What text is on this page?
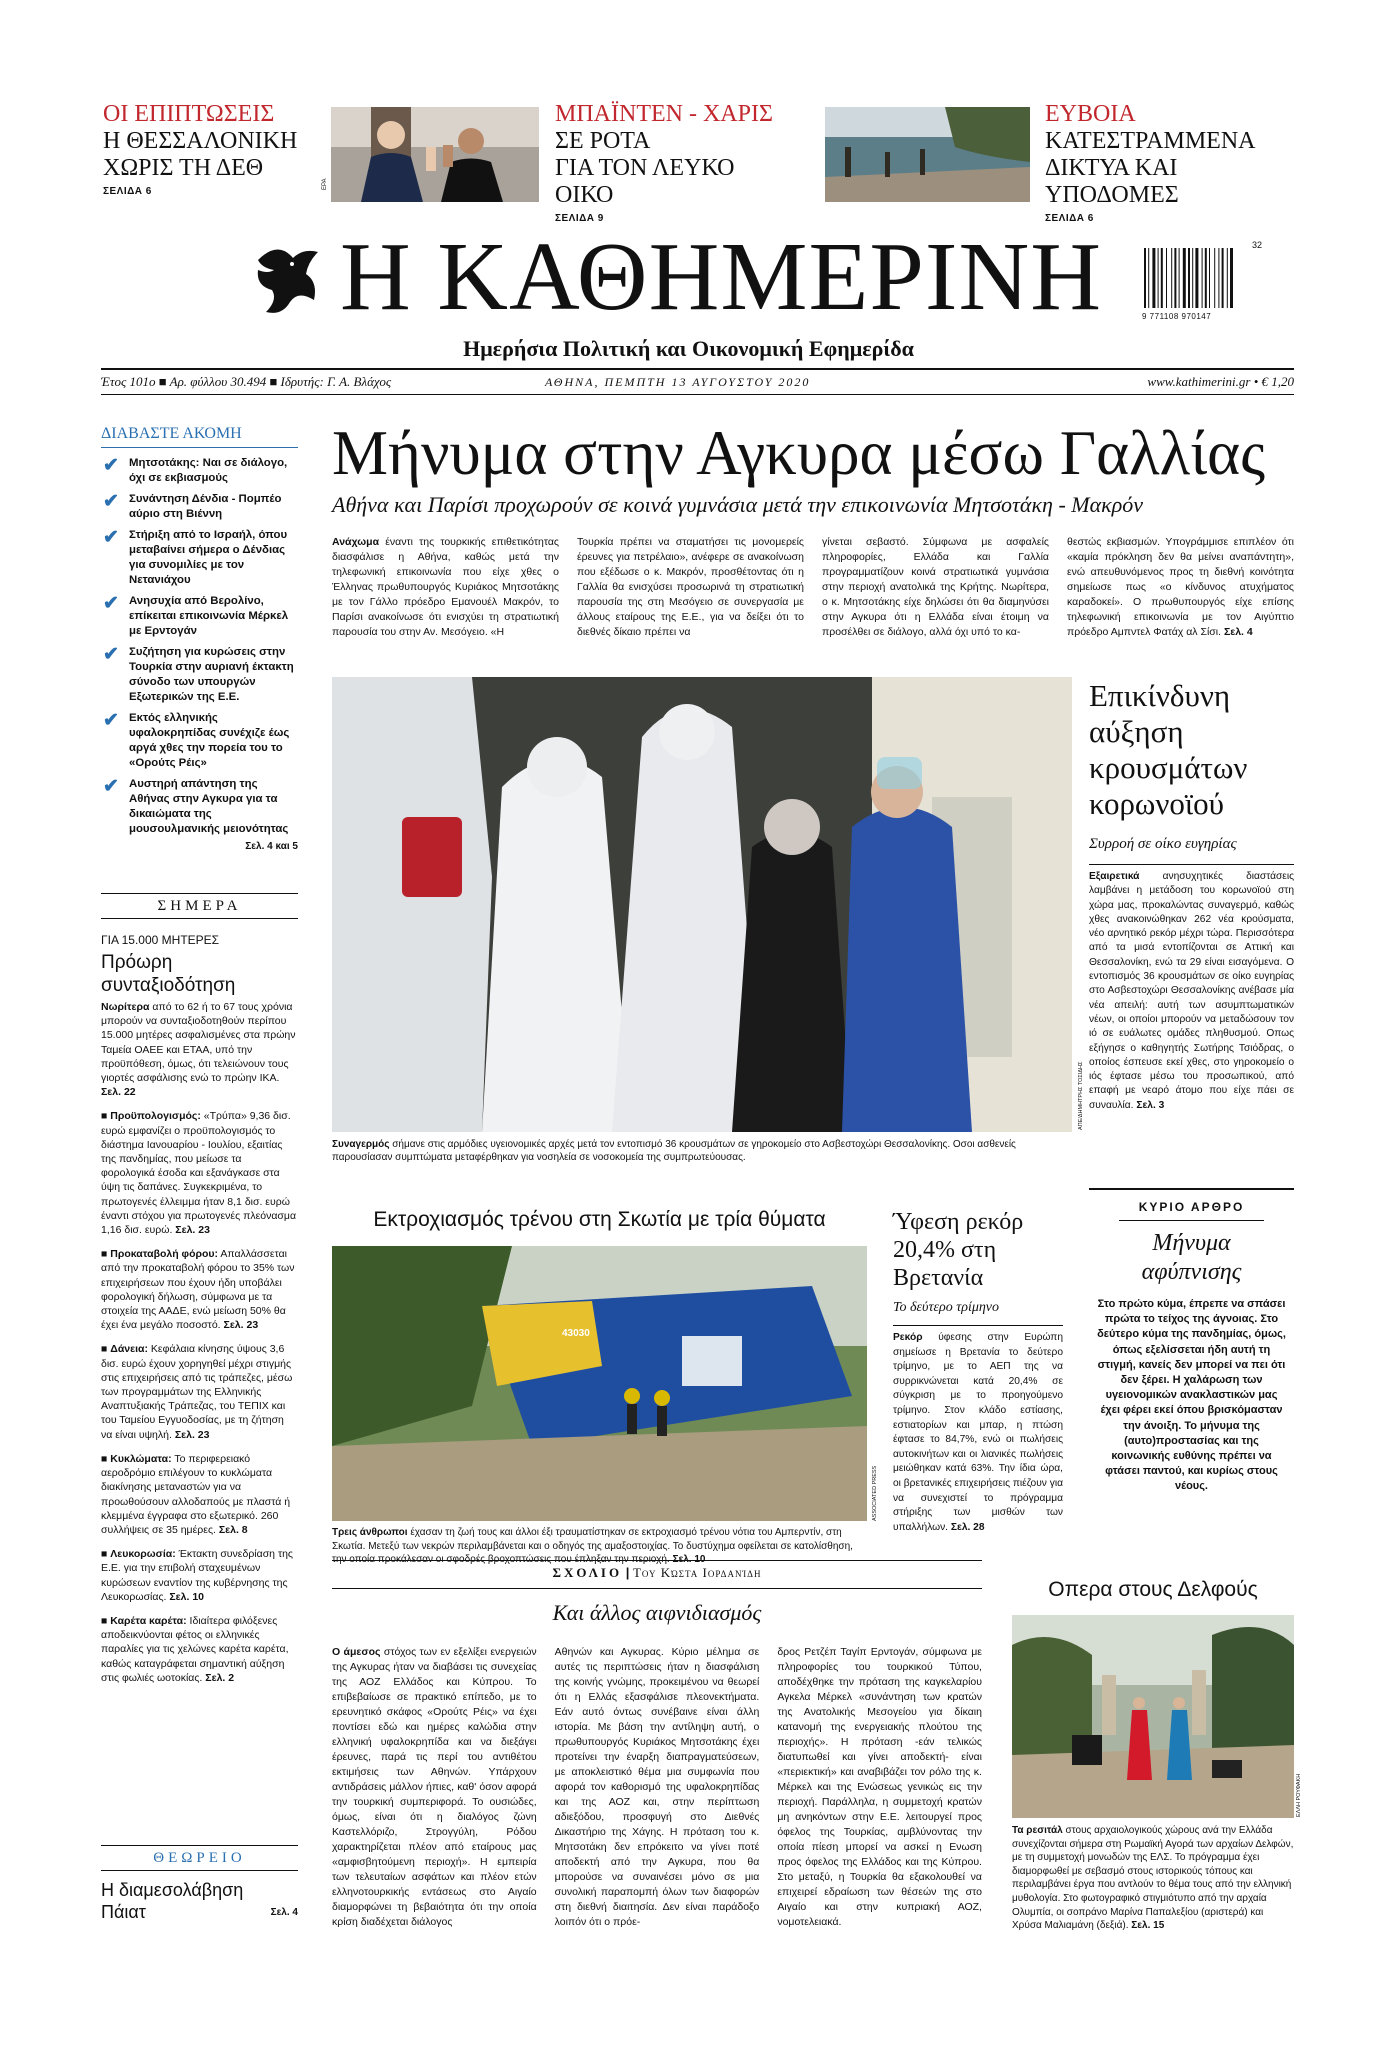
ΟΙ ΕΠΙΠΤΩΣΕΙΣ
Η ΘΕΣΣΑΛΟΝΙΚΗ
ΧΩΡΙΣ ΤΗ ΔΕΘ
ΣΕΛΙΔΑ 6
EPA
ΜΠΑΪΝΤΕΝ - ΧΑΡΙΣ
ΣΕ ΡΟΤΑ
ΓΙΑ ΤΟΝ ΛΕΥΚΟ ΟΙΚΟ
ΣΕΛΙΔΑ 9
ΕΥΒΟΙΑ
ΚΑΤΕΣΤΡΑΜΜΕΝΑ
ΔΙΚΤΥΑ ΚΑΙ ΥΠΟΔΟΜΕΣ
ΣΕΛΙΔΑ 6
Η ΚΑΘΗΜΕΡΙΝΗ
Ημερήσια Πολιτική και Οικονομική Εφημερίδα
32
9 771108 970147
Έτος 101ο ■ Αρ. φύλλου 30.494 ■ Ιδρυτής: Γ. Α. Βλάχος	ΑΘΗΝΑ, ΠΕΜΠΤΗ 13 ΑΥΓΟΥΣΤΟΥ 2020	www.kathimerini.gr • € 1,20
ΔΙΑΒΑΣΤΕ ΑΚΟΜΗ
✔ Μητσοτάκης: Ναι σε διάλογο, όχι σε εκβιασμούς
✔ Συνάντηση Δένδια - Πομπέο αύριο στη Βιέννη
✔ Στήριξη από το Ισραήλ, όπου μεταβαίνει σήμερα ο Δένδιας για συνομιλίες με τον Νετανιάχου
✔ Ανησυχία από Βερολίνο, επίκειται επικοινωνία Μέρκελ με Ερντογάν
✔ Συζήτηση για κυρώσεις στην Τουρκία στην αυριανή έκτακτη σύνοδο των υπουργών Εξωτερικών της Ε.Ε.
✔ Εκτός ελληνικής υφαλοκρηπίδας συνέχιζε έως αργά χθες την πορεία του το «Ορούτς Ρέις»
✔ Αυστηρή απάντηση της Αθήνας στην Αγκυρα για τα δικαιώματα της μουσουλμανικής μειονότητας
Σελ. 4 και 5
ΣΗΜΕΡΑ
ΓΙΑ 15.000 ΜΗΤΕΡΕΣ
Πρόωρη συνταξιοδότηση
Νωρίτερα από το 62 ή το 67 τους χρόνια μπορούν να συνταξιοδοτηθούν περίπου 15.000 μητέρες ασφαλισμένες στα πρώην Ταμεία ΟΑΕΕ και ΕΤΑΑ, υπό την προϋπόθεση, όμως, ότι τελειώνουν τους γιορτές ασφάλισης ενώ το πρώην ΙΚΑ. Σελ. 22
■ Προϋπολογισμός: «Τρύπα» 9,36 δισ. ευρώ εμφανίζει ο προϋπολογισμός το διάστημα Ιανουαρίου - Ιουλίου, εξαιτίας της πανδημίας, που μείωσε τα φορολογικά έσοδα και εξανάγκασε στα ύψη τις δαπάνες. Συγκεκριμένα, το πρωτογενές έλλειμμα ήταν 8,1 δισ. ευρώ έναντι στόχου για πρωτογενές πλεόνασμα 1,16 δισ. ευρώ. Σελ. 23
■ Προκαταβολή φόρου: Απαλλάσσεται από την προκαταβολή φόρου το 35% των επιχειρήσεων που έχουν ήδη υποβάλει φορολογική δήλωση, σύμφωνα με τα στοιχεία της ΑΑΔΕ, ενώ μείωση 50% θα έχει ένα μεγάλο ποσοστό. Σελ. 23
■ Δάνεια: Κεφάλαια κίνησης ύψους 3,6 δισ. ευρώ έχουν χορηγηθεί μέχρι στιγμής στις επιχειρήσεις από τις τράπεζες, μέσω των προγραμμάτων της Ελληνικής Αναπτυξιακής Τράπεζας, του ΤΕΠΙΧ και του Ταμείου Εγγυοδοσίας, με τη ζήτηση να είναι υψηλή. Σελ. 23
■ Κυκλώματα: Το περιφερειακό αεροδρόμιο επιλέγουν το κυκλώματα διακίνησης μεταναστών για να προωθούσουν αλλοδαπούς με πλαστά ή κλεμμένα έγγραφα στο εξωτερικό. 260 συλλήψεις σε 35 ημέρες. Σελ. 8
■ Λευκορωσία: Έκτακτη συνεδρίαση της Ε.Ε. για την επιβολή σταχευμένων κυρώσεων εναντίον της κυβέρνησης της Λευκορωσίας. Σελ. 10
■ Καρέτα καρέτα: Ιδιαίτερα φιλόξενες αποδεικνύονται φέτος οι ελληνικές παραλίες για τις χελώνες καρέτα καρέτα, καθώς καταγράφεται σημαντική αύξηση στις φωλιές ωοτοκίας. Σελ. 2
ΘΕΩΡΕΙΟ
Η διαμεσολάβηση Πάιατ	Σελ. 4
Μήνυμα στην Αγκυρα μέσω Γαλλίας
Αθήνα και Παρίσι προχωρούν σε κοινά γυμνάσια μετά την επικοινωνία Μητσοτάκη - Μακρόν
Ανάχωμα έναντι της τουρκικής επιθετικότητας διασφάλισε η Αθήνα, καθώς μετά την τηλεφωνική επικοινωνία που είχε χθες ο Έλληνας πρωθυπουργός Κυριάκος Μητσοτάκης με τον Γάλλο πρόεδρο Εμανουέλ Μακρόν, το Παρίσι ανακοίνωσε ότι ενισχύει τη στρατιωτική παρουσία του στην Αν. Μεσόγειο. «Η
Τουρκία πρέπει να σταματήσει τις μονομερείς έρευνες για πετρέλαιο», ανέφερε σε ανακοίνωση που εξέδωσε ο κ. Μακρόν, προσθέτοντας ότι η Γαλλία θα ενισχύσει προσωρινά τη στρατιωτική παρουσία της στη Μεσόγειο σε συνεργασία με άλλους εταίρους της Ε.Ε., για να δείξει ότι το διεθνές δίκαιο πρέπει να
γίνεται σεβαστό. Σύμφωνα με ασφαλείς πληροφορίες, Ελλάδα και Γαλλία προγραμματίζουν κοινά στρατιωτικά γυμνάσια στην περιοχή ανατολικά της Κρήτης. Νωρίτερα, ο κ. Μητσοτάκης είχε δηλώσει ότι θα διαμηνύσει στην Αγκυρα ότι η Ελλάδα είναι έτοιμη να προσέλθει σε διάλογο, αλλά όχι υπό το κα-
θεστώς εκβιασμών. Υπογράμμισε επιπλέον ότι «καμία πρόκληση δεν θα μείνει αναπάντητη», ενώ απευθυνόμενος προς τη διεθνή κοινότητα σημείωσε πως «ο κίνδυνος ατυχήματος καραδοκεί». Ο πρωθυπουργός είχε επίσης τηλεφωνική επικοινωνία με τον Αιγύπτιο πρόεδρο Αμπντελ Φατάχ αλ Σίσι. Σελ. 4
ΑΠΕ/ΔΗΜΗΤΡΗΣ ΤΟΣΙΔΗΣ
Συναγερμός σήμανε στις αρμόδιες υγειονομικές αρχές μετά τον εντοπισμό 36 κρουσμάτων σε γηροκομείο στο Ασβεστοχώρι Θεσσαλονίκης. Οσοι ασθενείς παρουσίασαν συμπτώματα μεταφέρθηκαν για νοσηλεία σε νοσοκομεία της συμπρωτεύουσας.
Επικίνδυνη αύξηση κρουσμάτων κορωνοϊού
Συρροή σε οίκο ευγηρίας
Εξαιρετικά ανησυχητικές διαστάσεις λαμβάνει η μετάδοση του κορωνοϊού στη χώρα μας, προκαλώντας συναγερμό, καθώς χθες ανακοινώθηκαν 262 νέα κρούσματα, νέο αρνητικό ρεκόρ μέχρι τώρα. Περισσότερα από τα μισά εντοπίζονται σε Αττική και Θεσσαλονίκη, ενώ τα 29 είναι εισαγόμενα. Ο εντοπισμός 36 κρουσμάτων σε οίκο ευγηρίας στο Ασβεστοχώρι Θεσσαλονίκης ανέβασε μία νέα απειλή: αυτή των ασυμπτωματικών νέων, οι οποίοι μπορούν να μεταδώσουν τον ιό σε ευάλωτες ομάδες πληθυσμού. Οπως εξήγησε ο καθηγητής Σωτήρης Τσιόδρας, ο οποίος έσπευσε εκεί χθες, στο γηροκομείο ο ιός έφτασε μέσω του προσωπικού, από επαφή με νεαρό άτομο που είχε πάει σε συναυλία. Σελ. 3
Εκτροχιασμός τρένου στη Σκωτία με τρία θύματα
43030
ASSOCIATED PRESS
Τρεις άνθρωποι έχασαν τη ζωή τους και άλλοι έξι τραυματίστηκαν σε εκτροχιασμό τρένου νότια του Αμπερντίν, στη Σκωτία. Μετεξύ των νεκρών περιλαμβάνεται και ο οδηγός της αμαξοστοιχίας. Το δυστύχημα οφείλεται σε κατολίσθηση,
Ύφεση ρεκόρ 20,4% στη Βρετανία
Το δεύτερο τρίμηνο
Ρεκόρ ύφεσης στην Ευρώπη σημείωσε η Βρετανία το δεύτερο τρίμηνο, με το ΑΕΠ της να συρρικνώνεται κατά 20,4% σε σύγκριση με το προηγούμενο τρίμηνο. Στον κλάδο εστίασης, εστιατορίων και μπαρ, η πτώση έφτασε το 84,7%, ενώ οι πωλήσεις αυτοκινήτων και οι λιανικές πωλήσεις μειώθηκαν κατά 63%. Την ίδια ώρα, οι βρετανικές επιχειρήσεις πιέζουν για να συνεχιστεί το πρόγραμμα στήριξης των μισθών των υπαλλήλων. Σελ. 28
ΚΥΡΙΟ ΑΡΘΡΟ
Μήνυμα αφύπνισης
Στο πρώτο κύμα, έπρεπε να σπάσει πρώτα το τείχος της άγνοιας. Στο δεύτερο κύμα της πανδημίας, όμως, όπως εξελίσσεται ήδη αυτή τη στιγμή, κανείς δεν μπορεί να πει ότι δεν ξέρει. Η χαλάρωση των υγειονομικών ανακλαστικών μας έχει φέρει εκεί όπου βρισκόμασταν την άνοιξη. Το μήνυμα της (αυτο)προστασίας και της κοινωνικής ευθύνης πρέπει να φτάσει παντού, και κυρίως στους νέους.
ΣΧΟΛΙΟ | Του Κώστα Ιορδανίδη
Και άλλος αιφνιδιασμός
Ο άμεσος στόχος των εν εξελίξει ενεργειών της Αγκυρας ήταν να διαβάσει τις συνεχείας της ΑΟΖ Ελλάδος και Κύπρου. Το επιβεβαίωσε σε πρακτικό επίπεδο, με το ερευνητικό σκάφος «Ορούτς Ρέις» να έχει ποντίσει εδώ και ημέρες καλώδια στην ελληνική υφαλοκρηπίδα και να διεξάγει έρευνες, παρά τις περί του αντιθέτου εκτιμήσεις των Αθηνών. Υπάρχουν αντιδράσεις μάλλον ήπιες, καθ' όσον αφορά την τουρκική συμπεριφορά. Το ουσιώδες, όμως, είναι ότι η διαλόγος ζώνη Καστελλόριζο, Στρογγύλη, Ρόδου χαρακτηρίζεται πλέον από εταίρους μας «αμφισβητούμενη περιοχή». Η εμπειρία των τελευταίων ασφάτων και πλέον ετών ελληνοτουρκικής εντάσεως στο Αιγαίο διαμορφώνει τη βεβαιότητα ότι την οποία κρίση διαδέχεται διάλογος
Αθηνών και Αγκυρας. Κύριο μέλημα σε αυτές τις περιπτώσεις ήταν η διασφάλιση της κοινής γνώμης, προκειμένου να θεωρεί ότι η Ελλάς εξασφάλισε πλεονεκτήματα. Εάν αυτό όντως συνέβαινε είναι άλλη ιστορία. Με βάση την αντίληψη αυτή, ο πρωθυπουργός Κυριάκος Μητσοτάκης έχει προτείνει την έναρξη διαπραγματεύσεων, με αποκλειστικό θέμα μια συμφωνία που αφορά τον καθορισμό της υφαλοκρηπίδας και της ΑΟΖ και, στην περίπτωση αδιεξόδου, προσφυγή στο Διεθνές Δικαστήριο της Χάγης. Η πρόταση του κ. Μητσοτάκη δεν επρόκειτο να γίνει ποτέ αποδεκτή από την Αγκυρα, που θα μπορούσε να συναινέσει μόνο σε μια συνολική παραπομπή όλων των διαφορών στη διεθνή διαιτησία. Δεν είναι παράδοξο λοιπόν ότι ο πρόε-
δρος Ρετζέπ Ταγίπ Ερντογάν, σύμφωνα με πληροφορίες του τουρκικού Τύπου, αποδέχθηκε την πρόταση της καγκελαρίου Αγκελα Μέρκελ «συνάντηση των κρατών της Ανατολικής Μεσογείου για δίκαιη κατανομή της ενεργειακής πλούτου της περιοχής». Η πρόταση -εάν τελικώς διατυπωθεί και γίνει αποδεκτή- είναι «περιεκτική» και αναβιβάζει τον ρόλο της κ. Μέρκελ και της Ενώσεως γενικώς εις την περιοχή. Παράλληλα, η συμμετοχή κρατών μη ανηκόντων στην Ε.Ε. λειτουργεί προς όφελος της Τουρκίας, αμβλύνοντας την οποία πίεση μπορεί να ασκεί η Ενωση προς όφελος της Ελλάδος και της Κύπρου. Στο μεταξύ, η Τουρκία θα εξακολουθεί να επιχειρεί εδραίωση των θέσεών της στο Αιγαίο και στην κυπριακή ΑΟΖ, νομοτελειακά.
Οπερα στους Δελφούς
ΕΛΛΗ ΡΟΥΦΑΚΗ
Τα ρεσιτάλ στους αρχαιολογικούς χώρους ανά την Ελλάδα συνεχίζονται σήμερα στη Ρωμαϊκή Αγορά των αρχαίων Δελφών, με τη συμμετοχή μονωδών της ΕΛΣ. Το πρόγραμμα έχει διαμορφωθεί με σεβασμό στους ιστορικούς τόπους και περιλαμβάνει έργα που αντλούν το θέμα τους από την ελληνική μυθολογία. Στο φωτογραφικό στιγμιότυπο από την αρχαία Ολυμπία, οι σοπράνο Μαρίνα Παπαλεξίου (αριστερά) και Χρύσα Μαλιαμάνη (δεξιά). Σελ. 15
